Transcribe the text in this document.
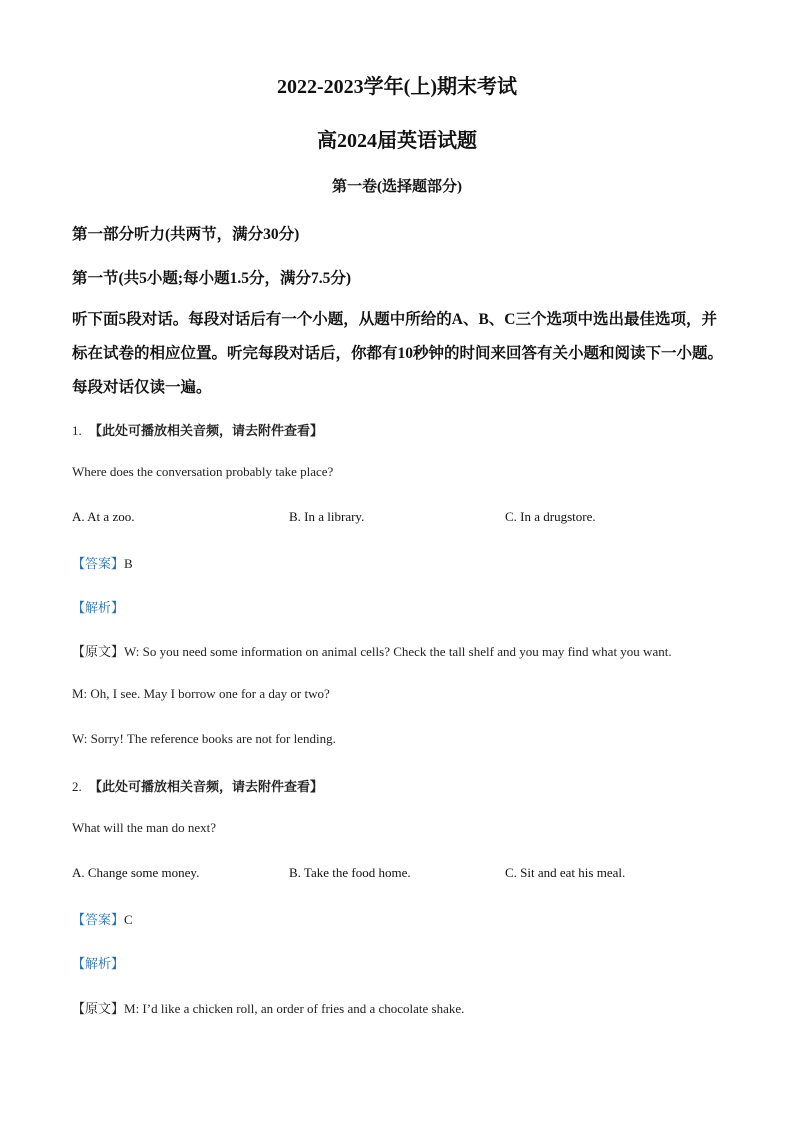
2022-2023学年(上)期末考试
高2024届英语试题
第一卷(选择题部分)
第一部分听力(共两节，满分30分)
第一节(共5小题;每小题1.5分，满分7.5分)
听下面5段对话。每段对话后有一个小题，从题中所给的A、B、C三个选项中选出最佳选项，并标在试卷的相应位置。听完每段对话后，你都有10秒钟的时间来回答有关小题和阅读下一小题。每段对话仅读一遍。
1. 【此处可播放相关音频，请去附件查看】
Where does the conversation probably take place?
A. At a zoo.	B. In a library.	C. In a drugstore.
【答案】B
【解析】
【原文】W: So you need some information on animal cells? Check the tall shelf and you may find what you want.
M: Oh, I see. May I borrow one for a day or two?
W: Sorry! The reference books are not for lending.
2. 【此处可播放相关音频，请去附件查看】
What will the man do next?
A. Change some money.	B. Take the food home.	C. Sit and eat his meal.
【答案】C
【解析】
【原文】M: I’d like a chicken roll, an order of fries and a chocolate shake.
